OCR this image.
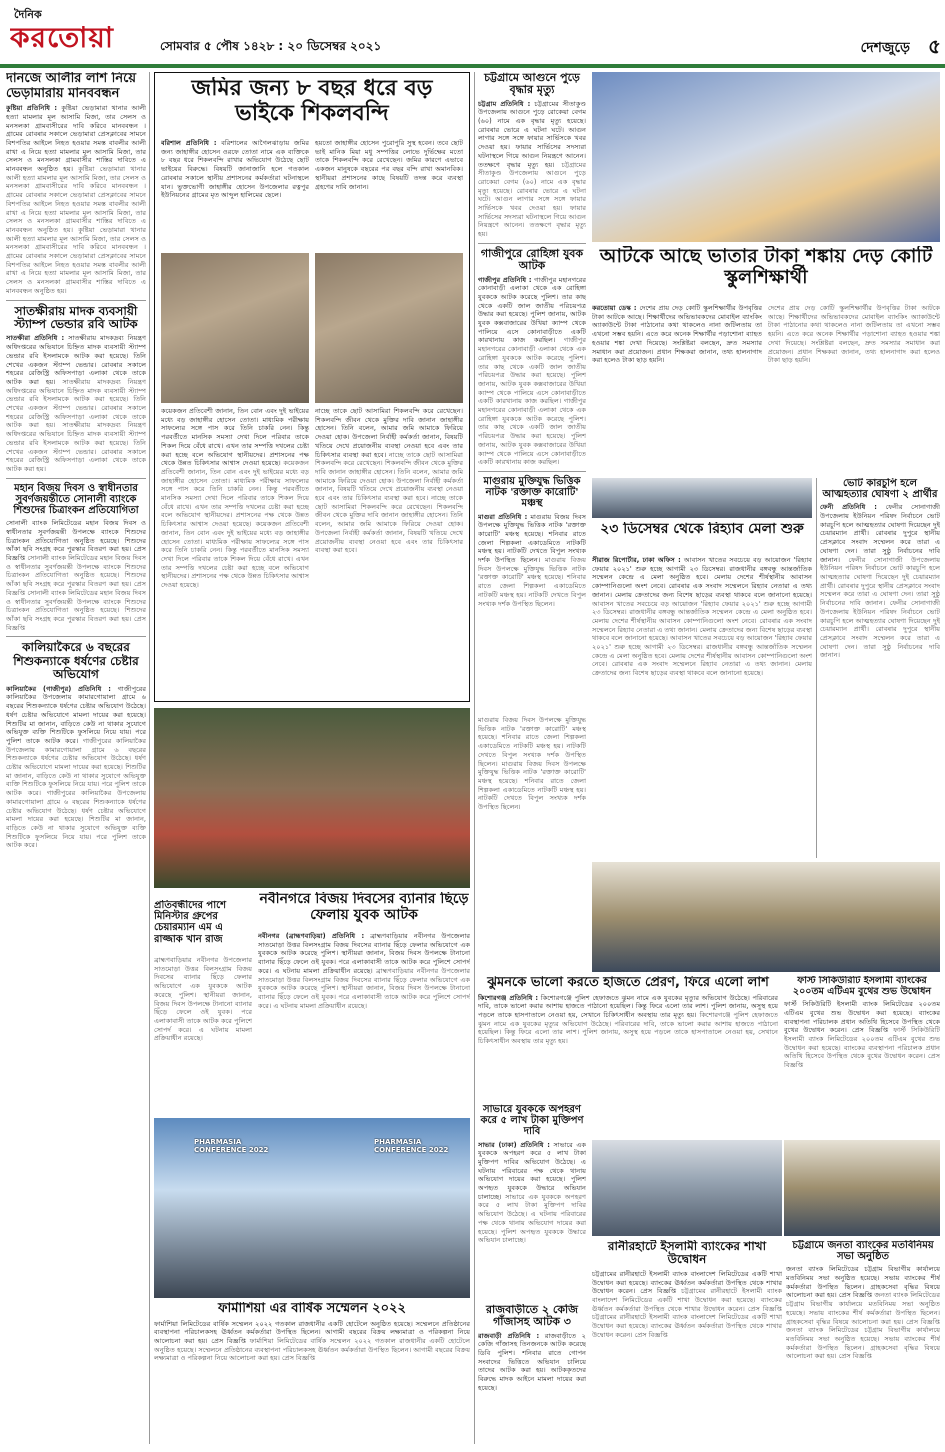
দৈনিক
করতোয়া	সোমবার ৫ পৌষ ১৪২৮ : ২০ ডিসেম্বর ২০২১	দেশজুড়ে ৫
দানজে আলীর লাশ নিয়ে ভেড়ামারায় মানববন্ধন
কুষ্টিয়া প্রতিনিধি : কুষ্টিয়া ভেড়ামারা থানার আলী হত্যা মামলার মূল আসামি মিজা, তার সেলস ও মনসলকা গ্রামবাসীরের দাবি করিবে মানববন্ধন । গ্রামের রোবৰার সকালে ভেড়ামারা প্রেসক্লাবের সামনে বিশপতির আইলে নিহত হওয়ার সমস্ত বাবলীর আলী রাখা এ নিয়ে হত্যা মামলার মূল আসামি মিজা, তার সেলস ও মনসলকা গ্রামবাসীর শাস্তির দাবিতে এ মানববন্ধন অনুষ্ঠিত হয়। কুষ্টিয়া ভেড়ামারা থানার আলী হত্যা মামলার মূল আসামি মিজা, তার সেলস ও মনসলকা গ্রামবাসীরের দাবি করিবে মানববন্ধন । গ্রামের রোবৰার সকালে ভেড়ামারা প্রেসক্লাবের সামনে বিশপতির আইলে নিহত হওয়ার সমস্ত বাবলীর আলী রাখা এ নিয়ে হত্যা মামলার মূল আসামি মিজা, তার সেলস ও মনসলকা গ্রামবাসীর শাস্তির দাবিতে এ মানববন্ধন অনুষ্ঠিত হয়। কুষ্টিয়া ভেড়ামারা থানার আলী হত্যা মামলার মূল আসামি মিজা, তার সেলস ও মনসলকা গ্রামবাসীরের দাবি করিবে মানববন্ধন । গ্রামের রোবৰার সকালে ভেড়ামারা প্রেসক্লাবের সামনে বিশপতির আইলে নিহত হওয়ার সমস্ত বাবলীর আলী রাখা এ নিয়ে হত্যা মামলার মূল আসামি মিজা, তার সেলস ও মনসলকা গ্রামবাসীর শাস্তির দাবিতে এ মানববন্ধন অনুষ্ঠিত হয়।
সাতক্ষীরায় মাদক ব্যবসায়ী স্ট্যাম্প ভেন্ডার রবি আটক
সাতক্ষীরা প্রতিনিধি : সাতক্ষীরায় মাদকদ্রব্য নিয়ন্ত্রণ অধিদপ্তরের অভিযানে চিহ্নিত মাদক ব্যবসায়ী স্ট্যাম্প ভেন্ডার রবি ইসলামকে আটক করা হয়েছে। তিনি শেখের একজন স্ট্যাম্প ভেন্ডার। রোবৰার সকালে শহরের রেজিস্ট্রি অফিসপাড়া এলাকা থেকে তাকে আটক করা হয়। সাতক্ষীরায় মাদকদ্রব্য নিয়ন্ত্রণ অধিদপ্তরের অভিযানে চিহ্নিত মাদক ব্যবসায়ী স্ট্যাম্প ভেন্ডার রবি ইসলামকে আটক করা হয়েছে। তিনি শেখের একজন স্ট্যাম্প ভেন্ডার। রোবৰার সকালে শহরের রেজিস্ট্রি অফিসপাড়া এলাকা থেকে তাকে আটক করা হয়। সাতক্ষীরায় মাদকদ্রব্য নিয়ন্ত্রণ অধিদপ্তরের অভিযানে চিহ্নিত মাদক ব্যবসায়ী স্ট্যাম্প ভেন্ডার রবি ইসলামকে আটক করা হয়েছে। তিনি শেখের একজন স্ট্যাম্প ভেন্ডার। রোবৰার সকালে শহরের রেজিস্ট্রি অফিসপাড়া এলাকা থেকে তাকে আটক করা হয়।
মহান বিজয় দিবস ও স্বাধীনতার সুবর্ণজয়ন্তীতে সোনালী ব্যাংকে শিশুদের চিত্রাংকন প্রতিযোগিতা
সোনালী ব্যাংক লিমিটেডের মহান বিজয় দিবস ও স্বাধীনতার সুবর্ণজয়ন্তী উপলক্ষে ব্যাংকে শিশুদের চিত্রাংকন প্রতিযোগিতা অনুষ্ঠিত হয়েছে। শিশুদের আঁকা ছবি সংগ্রহ করে পুরস্কার বিতরণ করা হয়। প্রেস বিজ্ঞপ্তি সোনালী ব্যাংক লিমিটেডের মহান বিজয় দিবস ও স্বাধীনতার সুবর্ণজয়ন্তী উপলক্ষে ব্যাংকে শিশুদের চিত্রাংকন প্রতিযোগিতা অনুষ্ঠিত হয়েছে। শিশুদের আঁকা ছবি সংগ্রহ করে পুরস্কার বিতরণ করা হয়। প্রেস বিজ্ঞপ্তি সোনালী ব্যাংক লিমিটেডের মহান বিজয় দিবস ও স্বাধীনতার সুবর্ণজয়ন্তী উপলক্ষে ব্যাংকে শিশুদের চিত্রাংকন প্রতিযোগিতা অনুষ্ঠিত হয়েছে। শিশুদের আঁকা ছবি সংগ্রহ করে পুরস্কার বিতরণ করা হয়। প্রেস বিজ্ঞপ্তি
কালিয়াকৈরে ৬ বছরের শিশুকন্যাকে ধর্ষণের চেষ্টার অভিযোগ
কালিয়াকৈর (গাজীপুর) প্রতিনিধি : গাজীপুরের কালিয়াকৈর উপজেলায় কামারগোয়ালা গ্রামে ৬ বছরের শিশুকন্যাকে ধর্ষণের চেষ্টার অভিযোগ উঠেছে। ধর্ষণ চেষ্টার অভিযোগে মামলা দায়ের করা হয়েছে। শিশুটির মা জানান, বাড়িতে কেউ না থাকার সুযোগে অভিযুক্ত ব্যক্তি শিশুটিকে ফুসলিয়ে নিয়ে যায়। পরে পুলিশ তাকে আটক করে। গাজীপুরের কালিয়াকৈর উপজেলায় কামারগোয়ালা গ্রামে ৬ বছরের শিশুকন্যাকে ধর্ষণের চেষ্টার অভিযোগ উঠেছে। ধর্ষণ চেষ্টার অভিযোগে মামলা দায়ের করা হয়েছে। শিশুটির মা জানান, বাড়িতে কেউ না থাকার সুযোগে অভিযুক্ত ব্যক্তি শিশুটিকে ফুসলিয়ে নিয়ে যায়। পরে পুলিশ তাকে আটক করে। গাজীপুরের কালিয়াকৈর উপজেলায় কামারগোয়ালা গ্রামে ৬ বছরের শিশুকন্যাকে ধর্ষণের চেষ্টার অভিযোগ উঠেছে। ধর্ষণ চেষ্টার অভিযোগে মামলা দায়ের করা হয়েছে। শিশুটির মা জানান, বাড়িতে কেউ না থাকার সুযোগে অভিযুক্ত ব্যক্তি শিশুটিকে ফুসলিয়ে নিয়ে যায়। পরে পুলিশ তাকে আটক করে।
জমির জন্য ৮ বছর ধরে বড় ভাইকে শিকলবন্দি
বরিশাল প্রতিনিধি : বরিশালের আগৈলঝাড়ায় জমির জন্য জাহাঙ্গীর হোসেন ওরফে তোতা নামে এক ব্যক্তিকে ৮ বছর ধরে শিকলবন্দি রাখার অভিযোগ উঠেছে ছোট ভাইয়ের বিরুদ্ধে। বিষয়টি জানাজানি হলে গতকাল রোবৰার সকালে স্থানীয় প্রশাসনের কর্মকর্তারা ঘটনাস্থলে যান। ভুক্তভোগী জাহাঙ্গীর হোসেন উপজেলার রত্নপুর ইউনিয়নের গ্রামের মৃত আব্দুল হালিমের ছেলে।
হয়তো জাহাঙ্গীর হোসেন পুরোপুরি সুস্থ হবেন। তবে ছোট ভাই মানিক মিয়া মধু সম্পত্তির লোভে দুর্ভিক্ষের মতো তাকে শিকলবন্দি করে রেখেছেন। জমির কারণে এভাবে একজন মানুষকে বছরের পর বছর বন্দি রাখা অমানবিক। স্থানীয়রা প্রশাসনের কাছে বিষয়টি তদন্ত করে ব্যবস্থা গ্রহণের দাবি জানান।
কয়েকজন প্রতিবেশী জানান, তিন বোন এবং দুই ভাইয়ের মধ্যে বড় জাহাঙ্গীর হোসেন তোতা। মাধ্যমিক পরীক্ষায় সাফল্যের সঙ্গে পাস করে তিনি চাকরি নেন। কিন্তু পরবর্তীতে মানসিক সমস্যা দেখা দিলে পরিবার তাকে শিকল দিয়ে বেঁধে রাখে। এখন তার সম্পত্তি দখলের চেষ্টা করা হচ্ছে বলে অভিযোগ স্থানীয়দের। প্রশাসনের পক্ষ থেকে উন্নত চিকিৎসার আশ্বাস দেওয়া হয়েছে। কয়েকজন প্রতিবেশী জানান, তিন বোন এবং দুই ভাইয়ের মধ্যে বড় জাহাঙ্গীর হোসেন তোতা। মাধ্যমিক পরীক্ষায় সাফল্যের সঙ্গে পাস করে তিনি চাকরি নেন। কিন্তু পরবর্তীতে মানসিক সমস্যা দেখা দিলে পরিবার তাকে শিকল দিয়ে বেঁধে রাখে। এখন তার সম্পত্তি দখলের চেষ্টা করা হচ্ছে বলে অভিযোগ স্থানীয়দের। প্রশাসনের পক্ষ থেকে উন্নত চিকিৎসার আশ্বাস দেওয়া হয়েছে। কয়েকজন প্রতিবেশী জানান, তিন বোন এবং দুই ভাইয়ের মধ্যে বড় জাহাঙ্গীর হোসেন তোতা। মাধ্যমিক পরীক্ষায় সাফল্যের সঙ্গে পাস করে তিনি চাকরি নেন। কিন্তু পরবর্তীতে মানসিক সমস্যা দেখা দিলে পরিবার তাকে শিকল দিয়ে বেঁধে রাখে। এখন তার সম্পত্তি দখলের চেষ্টা করা হচ্ছে বলে অভিযোগ স্থানীয়দের। প্রশাসনের পক্ষ থেকে উন্নত চিকিৎসার আশ্বাস দেওয়া হয়েছে।
নাচ্ছে তাকে ছোট আসামিরা শিকলবন্দি করে রেখেছেন। শিকলবন্দি জীবন থেকে মুক্তির দাবি জানান জাহাঙ্গীর হোসেন। তিনি বলেন, আমার জমি আমাকে ফিরিয়ে দেওয়া হোক। উপজেলা নির্বাহী কর্মকর্তা জানান, বিষয়টি খতিয়ে দেখে প্রয়োজনীয় ব্যবস্থা নেওয়া হবে এবং তার চিকিৎসার ব্যবস্থা করা হবে। নাচ্ছে তাকে ছোট আসামিরা শিকলবন্দি করে রেখেছেন। শিকলবন্দি জীবন থেকে মুক্তির দাবি জানান জাহাঙ্গীর হোসেন। তিনি বলেন, আমার জমি আমাকে ফিরিয়ে দেওয়া হোক। উপজেলা নির্বাহী কর্মকর্তা জানান, বিষয়টি খতিয়ে দেখে প্রয়োজনীয় ব্যবস্থা নেওয়া হবে এবং তার চিকিৎসার ব্যবস্থা করা হবে। নাচ্ছে তাকে ছোট আসামিরা শিকলবন্দি করে রেখেছেন। শিকলবন্দি জীবন থেকে মুক্তির দাবি জানান জাহাঙ্গীর হোসেন। তিনি বলেন, আমার জমি আমাকে ফিরিয়ে দেওয়া হোক। উপজেলা নির্বাহী কর্মকর্তা জানান, বিষয়টি খতিয়ে দেখে প্রয়োজনীয় ব্যবস্থা নেওয়া হবে এবং তার চিকিৎসার ব্যবস্থা করা হবে।
প্রতিবন্ধীদের পাশে মিনিস্টার গ্রুপের চেয়ারম্যান এম এ রাজ্জাক খান রাজ
নবীনগরে বিজয় দিবসের ব্যানার ছিঁড়ে ফেলায় যুবক আটক
নবীনগর (ব্রাহ্মণবাড়িয়া) প্রতিনিধি : ব্রাহ্মণবাড়িয়ার নবীনগর উপজেলার সাতমোড়া উত্তর বিলসংগ্রাম বিজয় দিবসের ব্যানার ছিঁড়ে ফেলার অভিযোগে এক যুবককে আটক করেছে পুলিশ। স্থানীয়রা জানান, বিজয় দিবস উপলক্ষে টানানো ব্যানার ছিঁড়ে ফেলে ওই যুবক। পরে এলাকাবাসী তাকে আটক করে পুলিশে সোপর্দ করে। এ ঘটনায় মামলা প্রক্রিয়াধীন রয়েছে। ব্রাহ্মণবাড়িয়ার নবীনগর উপজেলার সাতমোড়া উত্তর বিলসংগ্রাম বিজয় দিবসের ব্যানার ছিঁড়ে ফেলার অভিযোগে এক যুবককে আটক করেছে পুলিশ। স্থানীয়রা জানান, বিজয় দিবস উপলক্ষে টানানো ব্যানার ছিঁড়ে ফেলে ওই যুবক। পরে এলাকাবাসী তাকে আটক করে পুলিশে সোপর্দ করে। এ ঘটনায় মামলা প্রক্রিয়াধীন রয়েছে।
ব্রাহ্মণবাড়িয়ার নবীনগর উপজেলার সাতমোড়া উত্তর বিলসংগ্রাম বিজয় দিবসের ব্যানার ছিঁড়ে ফেলার অভিযোগে এক যুবককে আটক করেছে পুলিশ। স্থানীয়রা জানান, বিজয় দিবস উপলক্ষে টানানো ব্যানার ছিঁড়ে ফেলে ওই যুবক। পরে এলাকাবাসী তাকে আটক করে পুলিশে সোপর্দ করে। এ ঘটনায় মামলা প্রক্রিয়াধীন রয়েছে।
PHARMASIA CONFERENCE 2022
PHARMASIA CONFERENCE 2022
ফার্মাশিয়া এর বার্ষিক সম্মেলন ২০২২
ফার্মাশিয়া লিমিটেডের বার্ষিক সম্মেলন ২০২২ গতকাল রাজধানীর একটি হোটেলে অনুষ্ঠিত হয়েছে। সম্মেলনে প্রতিষ্ঠানের ব্যবস্থাপনা পরিচালকসহ ঊর্ধ্বতন কর্মকর্তারা উপস্থিত ছিলেন। আগামী বছরের বিক্রয় লক্ষ্যমাত্রা ও পরিকল্পনা নিয়ে আলোচনা করা হয়। প্রেস বিজ্ঞপ্তি ফার্মাশিয়া লিমিটেডের বার্ষিক সম্মেলন ২০২২ গতকাল রাজধানীর একটি হোটেলে অনুষ্ঠিত হয়েছে। সম্মেলনে প্রতিষ্ঠানের ব্যবস্থাপনা পরিচালকসহ ঊর্ধ্বতন কর্মকর্তারা উপস্থিত ছিলেন। আগামী বছরের বিক্রয় লক্ষ্যমাত্রা ও পরিকল্পনা নিয়ে আলোচনা করা হয়। প্রেস বিজ্ঞপ্তি
চট্টগ্রামে আগুনে পুড়ে বৃদ্ধার মৃত্যু
চট্টগ্রাম প্রতিনিধি : চট্টগ্রামের সীতাকুণ্ড উপজেলায় আগুনে পুড়ে রোকেয়া বেগম (৬০) নামে এক বৃদ্ধার মৃত্যু হয়েছে। রোবৰার ভোরে এ ঘটনা ঘটে। আগুন লাগার সঙ্গে সঙ্গে ফায়ার সার্ভিসকে খবর দেওয়া হয়। ফায়ার সার্ভিসের সদস্যরা ঘটনাস্থলে গিয়ে আগুন নিয়ন্ত্রণে আনেন। ততক্ষণে বৃদ্ধার মৃত্যু হয়। চট্টগ্রামের সীতাকুণ্ড উপজেলায় আগুনে পুড়ে রোকেয়া বেগম (৬০) নামে এক বৃদ্ধার মৃত্যু হয়েছে। রোবৰার ভোরে এ ঘটনা ঘটে। আগুন লাগার সঙ্গে সঙ্গে ফায়ার সার্ভিসকে খবর দেওয়া হয়। ফায়ার সার্ভিসের সদস্যরা ঘটনাস্থলে গিয়ে আগুন নিয়ন্ত্রণে আনেন। ততক্ষণে বৃদ্ধার মৃত্যু হয়।
গাজীপুরে রোহিঙ্গা যুবক আটক
গাজীপুর প্রতিনিধি : গাজীপুর মহানগরের কোনাবাড়ী এলাকা থেকে এক রোহিঙ্গা যুবককে আটক করেছে পুলিশ। তার কাছ থেকে একটি জাল জাতীয় পরিচয়পত্র উদ্ধার করা হয়েছে। পুলিশ জানায়, আটক যুবক কক্সবাজারের উখিয়া ক্যাম্প থেকে পালিয়ে এসে কোনাবাড়ীতে একটি কারখানায় কাজ করছিল। গাজীপুর মহানগরের কোনাবাড়ী এলাকা থেকে এক রোহিঙ্গা যুবককে আটক করেছে পুলিশ। তার কাছ থেকে একটি জাল জাতীয় পরিচয়পত্র উদ্ধার করা হয়েছে। পুলিশ জানায়, আটক যুবক কক্সবাজারের উখিয়া ক্যাম্প থেকে পালিয়ে এসে কোনাবাড়ীতে একটি কারখানায় কাজ করছিল। গাজীপুর মহানগরের কোনাবাড়ী এলাকা থেকে এক রোহিঙ্গা যুবককে আটক করেছে পুলিশ। তার কাছ থেকে একটি জাল জাতীয় পরিচয়পত্র উদ্ধার করা হয়েছে। পুলিশ জানায়, আটক যুবক কক্সবাজারের উখিয়া ক্যাম্প থেকে পালিয়ে এসে কোনাবাড়ীতে একটি কারখানায় কাজ করছিল।
মাগুরায় মুক্তিযুদ্ধ ভিত্তিক নাটক 'রক্তাক্ত কারোটি' মঞ্চস্থ
মাগুরা প্রতিনিধি : মাগুরায় বিজয় দিবস উপলক্ষে মুক্তিযুদ্ধ ভিত্তিক নাটক 'রক্তাক্ত কারোটি' মঞ্চস্থ হয়েছে। শনিবার রাতে জেলা শিল্পকলা একাডেমিতে নাটকটি মঞ্চস্থ হয়। নাটকটি দেখতে বিপুল সংখ্যক দর্শক উপস্থিত ছিলেন। মাগুরায় বিজয় দিবস উপলক্ষে মুক্তিযুদ্ধ ভিত্তিক নাটক 'রক্তাক্ত কারোটি' মঞ্চস্থ হয়েছে। শনিবার রাতে জেলা শিল্পকলা একাডেমিতে নাটকটি মঞ্চস্থ হয়। নাটকটি দেখতে বিপুল সংখ্যক দর্শক উপস্থিত ছিলেন।
আটকে আছে ভাতার টাকা শঙ্কায় দেড় কোটি স্কুলশিক্ষার্থী
করতোয়া ডেস্ক : দেশের প্রায় দেড় কোটি স্কুলশিক্ষার্থীর উপবৃত্তির টাকা আটকে আছে। শিক্ষার্থীদের অভিভাবকদের মোবাইল ব্যাংকিং অ্যাকাউন্টে টাকা পাঠানোর কথা থাকলেও নানা জটিলতায় তা এখনো সম্ভব হয়নি। এতে করে অনেক শিক্ষার্থীর পড়াশোনা ব্যাহত হওয়ার শঙ্কা দেখা দিয়েছে। সংশ্লিষ্টরা বলছেন, দ্রুত সমস্যার সমাধান করা প্রয়োজন। প্রধান শিক্ষকরা জানান, তথ্য হালনাগাদ করা হলেও টাকা ছাড় হয়নি।
দেশের প্রায় দেড় কোটি স্কুলশিক্ষার্থীর উপবৃত্তির টাকা আটকে আছে। শিক্ষার্থীদের অভিভাবকদের মোবাইল ব্যাংকিং অ্যাকাউন্টে টাকা পাঠানোর কথা থাকলেও নানা জটিলতায় তা এখনো সম্ভব হয়নি। এতে করে অনেক শিক্ষার্থীর পড়াশোনা ব্যাহত হওয়ার শঙ্কা দেখা দিয়েছে। সংশ্লিষ্টরা বলছেন, দ্রুত সমস্যার সমাধান করা প্রয়োজন। প্রধান শিক্ষকরা জানান, তথ্য হালনাগাদ করা হলেও টাকা ছাড় হয়নি।
২৩ ডিসেম্বর থেকে রিহ্যাব মেলা শুরু
সীরাজ রিপোর্টার, ঢাকা অফিস : আবাসন খাতের সবচেয়ে বড় আয়োজন 'রিহ্যাব ফেয়ার ২০২১' শুরু হচ্ছে আগামী ২৩ ডিসেম্বর। রাজধানীর বঙ্গবন্ধু আন্তর্জাতিক সম্মেলন কেন্দ্রে এ মেলা অনুষ্ঠিত হবে। মেলায় দেশের শীর্ষস্থানীয় আবাসন কোম্পানিগুলো অংশ নেবে। রোবৰার এক সংবাদ সম্মেলনে রিহ্যাব নেতারা এ তথ্য জানান। মেলায় ক্রেতাদের জন্য বিশেষ ছাড়ের ব্যবস্থা থাকবে বলে জানানো হয়েছে। আবাসন খাতের সবচেয়ে বড় আয়োজন 'রিহ্যাব ফেয়ার ২০২১' শুরু হচ্ছে আগামী ২৩ ডিসেম্বর। রাজধানীর বঙ্গবন্ধু আন্তর্জাতিক সম্মেলন কেন্দ্রে এ মেলা অনুষ্ঠিত হবে। মেলায় দেশের শীর্ষস্থানীয় আবাসন কোম্পানিগুলো অংশ নেবে। রোবৰার এক সংবাদ সম্মেলনে রিহ্যাব নেতারা এ তথ্য জানান। মেলায় ক্রেতাদের জন্য বিশেষ ছাড়ের ব্যবস্থা থাকবে বলে জানানো হয়েছে। আবাসন খাতের সবচেয়ে বড় আয়োজন 'রিহ্যাব ফেয়ার ২০২১' শুরু হচ্ছে আগামী ২৩ ডিসেম্বর। রাজধানীর বঙ্গবন্ধু আন্তর্জাতিক সম্মেলন কেন্দ্রে এ মেলা অনুষ্ঠিত হবে। মেলায় দেশের শীর্ষস্থানীয় আবাসন কোম্পানিগুলো অংশ নেবে। রোবৰার এক সংবাদ সম্মেলনে রিহ্যাব নেতারা এ তথ্য জানান। মেলায় ক্রেতাদের জন্য বিশেষ ছাড়ের ব্যবস্থা থাকবে বলে জানানো হয়েছে।
ভোট কারচুপি হলে আত্মহত্যার ঘোষণা ২ প্রার্থীর
ফেনী প্রতিনিধি : ফেনীর সোনাগাজী উপজেলায় ইউনিয়ন পরিষদ নির্বাচনে ভোট কারচুপি হলে আত্মহত্যার ঘোষণা দিয়েছেন দুই চেয়ারম্যান প্রার্থী। রোবৰার দুপুরে স্থানীয় প্রেসক্লাবে সংবাদ সম্মেলন করে তারা এ ঘোষণা দেন। তারা সুষ্ঠু নির্বাচনের দাবি জানান। ফেনীর সোনাগাজী উপজেলায় ইউনিয়ন পরিষদ নির্বাচনে ভোট কারচুপি হলে আত্মহত্যার ঘোষণা দিয়েছেন দুই চেয়ারম্যান প্রার্থী। রোবৰার দুপুরে স্থানীয় প্রেসক্লাবে সংবাদ সম্মেলন করে তারা এ ঘোষণা দেন। তারা সুষ্ঠু নির্বাচনের দাবি জানান। ফেনীর সোনাগাজী উপজেলায় ইউনিয়ন পরিষদ নির্বাচনে ভোট কারচুপি হলে আত্মহত্যার ঘোষণা দিয়েছেন দুই চেয়ারম্যান প্রার্থী। রোবৰার দুপুরে স্থানীয় প্রেসক্লাবে সংবাদ সম্মেলন করে তারা এ ঘোষণা দেন। তারা সুষ্ঠু নির্বাচনের দাবি জানান।
মাগুরায় বিজয় দিবস উপলক্ষে মুক্তিযুদ্ধ ভিত্তিক নাটক 'রক্তাক্ত কারোটি' মঞ্চস্থ হয়েছে। শনিবার রাতে জেলা শিল্পকলা একাডেমিতে নাটকটি মঞ্চস্থ হয়। নাটকটি দেখতে বিপুল সংখ্যক দর্শক উপস্থিত ছিলেন। মাগুরায় বিজয় দিবস উপলক্ষে মুক্তিযুদ্ধ ভিত্তিক নাটক 'রক্তাক্ত কারোটি' মঞ্চস্থ হয়েছে। শনিবার রাতে জেলা শিল্পকলা একাডেমিতে নাটকটি মঞ্চস্থ হয়। নাটকটি দেখতে বিপুল সংখ্যক দর্শক উপস্থিত ছিলেন।
ঝুমনকে ভালো করতে হাজতে প্রেরণ, ফিরে এলো লাশ
কিশোরগঞ্জ প্রতিনিধি : কিশোরগঞ্জে পুলিশ হেফাজতে ঝুমন নামে এক যুবকের মৃত্যুর অভিযোগ উঠেছে। পরিবারের দাবি, তাকে ভালো করার আশায় হাজতে পাঠানো হয়েছিল। কিন্তু ফিরে এলো তার লাশ। পুলিশ জানায়, অসুস্থ হয়ে পড়লে তাকে হাসপাতালে নেওয়া হয়, সেখানে চিকিৎসাধীন অবস্থায় তার মৃত্যু হয়। কিশোরগঞ্জে পুলিশ হেফাজতে ঝুমন নামে এক যুবকের মৃত্যুর অভিযোগ উঠেছে। পরিবারের দাবি, তাকে ভালো করার আশায় হাজতে পাঠানো হয়েছিল। কিন্তু ফিরে এলো তার লাশ। পুলিশ জানায়, অসুস্থ হয়ে পড়লে তাকে হাসপাতালে নেওয়া হয়, সেখানে চিকিৎসাধীন অবস্থায় তার মৃত্যু হয়।
ফার্স্ট সিকিউরিটি ইসলামী ব্যাংকের ২০০তম এটিএম বুথের শুভ উদ্বোধন
ফার্স্ট সিকিউরিটি ইসলামী ব্যাংক লিমিটেডের ২০০তম এটিএম বুথের শুভ উদ্বোধন করা হয়েছে। ব্যাংকের ব্যবস্থাপনা পরিচালক প্রধান অতিথি হিসেবে উপস্থিত থেকে বুথের উদ্বোধন করেন। প্রেস বিজ্ঞপ্তি ফার্স্ট সিকিউরিটি ইসলামী ব্যাংক লিমিটেডের ২০০তম এটিএম বুথের শুভ উদ্বোধন করা হয়েছে। ব্যাংকের ব্যবস্থাপনা পরিচালক প্রধান অতিথি হিসেবে উপস্থিত থেকে বুথের উদ্বোধন করেন। প্রেস বিজ্ঞপ্তি
সাভারে যুবককে অপহরণ করে ৫ লাখ টাকা মুক্তিপণ দাবি
সাভার (ঢাকা) প্রতিনিধি : সাভারে এক যুবককে অপহরণ করে ৫ লাখ টাকা মুক্তিপণ দাবির অভিযোগ উঠেছে। এ ঘটনায় পরিবারের পক্ষ থেকে থানায় অভিযোগ দায়ের করা হয়েছে। পুলিশ অপহৃত যুবককে উদ্ধারে অভিযান চালাচ্ছে। সাভারে এক যুবককে অপহরণ করে ৫ লাখ টাকা মুক্তিপণ দাবির অভিযোগ উঠেছে। এ ঘটনায় পরিবারের পক্ষ থেকে থানায় অভিযোগ দায়ের করা হয়েছে। পুলিশ অপহৃত যুবককে উদ্ধারে অভিযান চালাচ্ছে।
রাজবাড়ীতে ২ কেজি গাঁজাসহ আটক ৩
রাজবাড়ী প্রতিনিধি : রাজবাড়ীতে ২ কেজি গাঁজাসহ তিনজনকে আটক করেছে ডিবি পুলিশ। শনিবার রাতে গোপন সংবাদের ভিত্তিতে অভিযান চালিয়ে তাদের আটক করা হয়। আটককৃতদের বিরুদ্ধে মাদক আইনে মামলা দায়ের করা হয়েছে।
রানীরহাটে ইসলামী ব্যাংকের শাখা উদ্বোধন
চট্টগ্রামের রানীরহাটে ইসলামী ব্যাংক বাংলাদেশ লিমিটেডের একটি শাখা উদ্বোধন করা হয়েছে। ব্যাংকের ঊর্ধ্বতন কর্মকর্তারা উপস্থিত থেকে শাখার উদ্বোধন করেন। প্রেস বিজ্ঞপ্তি চট্টগ্রামের রানীরহাটে ইসলামী ব্যাংক বাংলাদেশ লিমিটেডের একটি শাখা উদ্বোধন করা হয়েছে। ব্যাংকের ঊর্ধ্বতন কর্মকর্তারা উপস্থিত থেকে শাখার উদ্বোধন করেন। প্রেস বিজ্ঞপ্তি চট্টগ্রামের রানীরহাটে ইসলামী ব্যাংক বাংলাদেশ লিমিটেডের একটি শাখা উদ্বোধন করা হয়েছে। ব্যাংকের ঊর্ধ্বতন কর্মকর্তারা উপস্থিত থেকে শাখার উদ্বোধন করেন। প্রেস বিজ্ঞপ্তি
চট্টগ্রামে জনতা ব্যাংকের মতবিনিময় সভা অনুষ্ঠিত
জনতা ব্যাংক লিমিটেডের চট্টগ্রাম বিভাগীয় কার্যালয়ে মতবিনিময় সভা অনুষ্ঠিত হয়েছে। সভায় ব্যাংকের শীর্ষ কর্মকর্তারা উপস্থিত ছিলেন। গ্রাহকসেবা বৃদ্ধির বিষয়ে আলোচনা করা হয়। প্রেস বিজ্ঞপ্তি জনতা ব্যাংক লিমিটেডের চট্টগ্রাম বিভাগীয় কার্যালয়ে মতবিনিময় সভা অনুষ্ঠিত হয়েছে। সভায় ব্যাংকের শীর্ষ কর্মকর্তারা উপস্থিত ছিলেন। গ্রাহকসেবা বৃদ্ধির বিষয়ে আলোচনা করা হয়। প্রেস বিজ্ঞপ্তি জনতা ব্যাংক লিমিটেডের চট্টগ্রাম বিভাগীয় কার্যালয়ে মতবিনিময় সভা অনুষ্ঠিত হয়েছে। সভায় ব্যাংকের শীর্ষ কর্মকর্তারা উপস্থিত ছিলেন। গ্রাহকসেবা বৃদ্ধির বিষয়ে আলোচনা করা হয়। প্রেস বিজ্ঞপ্তি
